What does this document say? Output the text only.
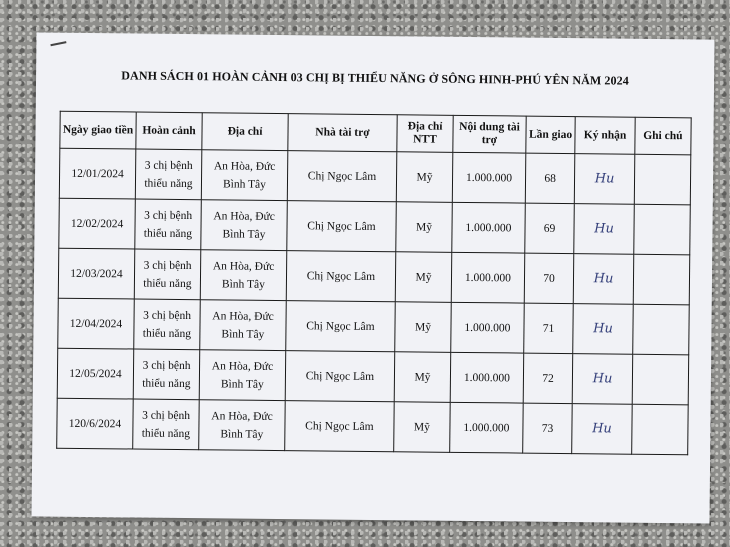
DANH SÁCH 01 HOÀN CẢNH 03 CHỊ BỊ THIỂU NĂNG Ở SÔNG HINH-PHÚ YÊN NĂM 2024
Ngày giao tiền	Hoàn cảnh	Địa chỉ	Nhà tài trợ	Địa chỉ NTT	Nội dung tài trợ	Lần giao	Ký nhận	Ghi chú
12/01/2024	3 chị bệnh thiểu năng	An Hòa, Đức Bình Tây	Chị Ngọc Lâm	Mỹ	1.000.000	68	Hu	
12/02/2024	3 chị bệnh thiểu năng	An Hòa, Đức Bình Tây	Chị Ngọc Lâm	Mỹ	1.000.000	69	Hu	
12/03/2024	3 chị bệnh thiểu năng	An Hòa, Đức Bình Tây	Chị Ngọc Lâm	Mỹ	1.000.000	70	Hu	
12/04/2024	3 chị bệnh thiểu năng	An Hòa, Đức Bình Tây	Chị Ngọc Lâm	Mỹ	1.000.000	71	Hu	
12/05/2024	3 chị bệnh thiểu năng	An Hòa, Đức Bình Tây	Chị Ngọc Lâm	Mỹ	1.000.000	72	Hu	
120/6/2024	3 chị bệnh thiểu năng	An Hòa, Đức Bình Tây	Chị Ngọc Lâm	Mỹ	1.000.000	73	Hu	
